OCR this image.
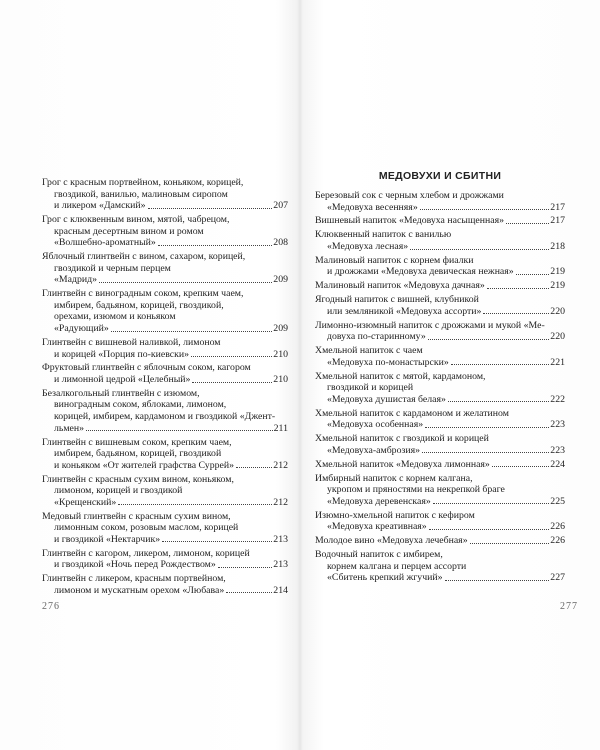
Грог с красным портвейном, коньяком, корицей,
гвоздикой, ванилью, малиновым сиропом
и ликером «Дамский»	207
Грог с клюквенным вином, мятой, чабрецом,
красным десертным вином и ромом
«Волшебно-ароматный»	208
Яблочный глинтвейн с вином, сахаром, корицей,
гвоздикой и черным перцем
«Мадрид»	209
Глинтвейн с виноградным соком, крепким чаем,
имбирем, бадьяном, корицей, гвоздикой,
орехами, изюмом и коньяком
«Радующий»	209
Глинтвейн с вишневой наливкой, лимоном
и корицей «Порция по-киевски»	210
Фруктовый глинтвейн с яблочным соком, кагором
и лимонной цедрой «Целебный»	210
Безалкогольный глинтвейн с изюмом,
виноградным соком, яблоками, лимоном,
корицей, имбирем, кардамоном и гвоздикой «Джент-
льмен»	211
Глинтвейн с вишневым соком, крепким чаем,
имбирем, бадьяном, корицей, гвоздикой
и коньяком «От жителей графства Суррей»	212
Глинтвейн с красным сухим вином, коньяком,
лимоном, корицей и гвоздикой
«Крещенский»	212
Медовый глинтвейн с красным сухим вином,
лимонным соком, розовым маслом, корицей
и гвоздикой «Нектарчик»	213
Глинтвейн с кагором, ликером, лимоном, корицей
и гвоздикой «Ночь перед Рождеством»	213
Глинтвейн с ликером, красным портвейном,
лимоном и мускатным орехом «Любава»	214
276
МЕДОВУХИ И СБИТНИ
Березовый сок с черным хлебом и дрожжами
«Медовуха весенняя»	217
Вишневый напиток «Медовуха насыщенная»	217
Клюквенный напиток с ванилью
«Медовуха лесная»	218
Малиновый напиток с корнем фиалки
и дрожжами «Медовуха девическая нежная»	219
Малиновый напиток «Медовуха дачная»	219
Ягодный напиток с вишней, клубникой
или земляникой «Медовуха ассорти»	220
Лимонно-изюмный напиток с дрожжами и мукой «Ме-
довуха по-старинному»	220
Хмельной напиток с чаем
«Медовуха по-монастырски»	221
Хмельной напиток с мятой, кардамоном,
гвоздикой и корицей
«Медовуха душистая белая»	222
Хмельной напиток с кардамоном и желатином
«Медовуха особенная»	223
Хмельной напиток с гвоздикой и корицей
«Медовуха-амброзия»	223
Хмельной напиток «Медовуха лимонная»	224
Имбирный напиток с корнем калгана,
укропом и пряностями на некрепкой браге
«Медовуха деревенская»	225
Изюмно-хмельной напиток с кефиром
«Медовуха креативная»	226
Молодое вино «Медовуха лечебная»	226
Водочный напиток с имбирем,
корнем калгана и перцем ассорти
«Сбитень крепкий жгучий»	227
277
